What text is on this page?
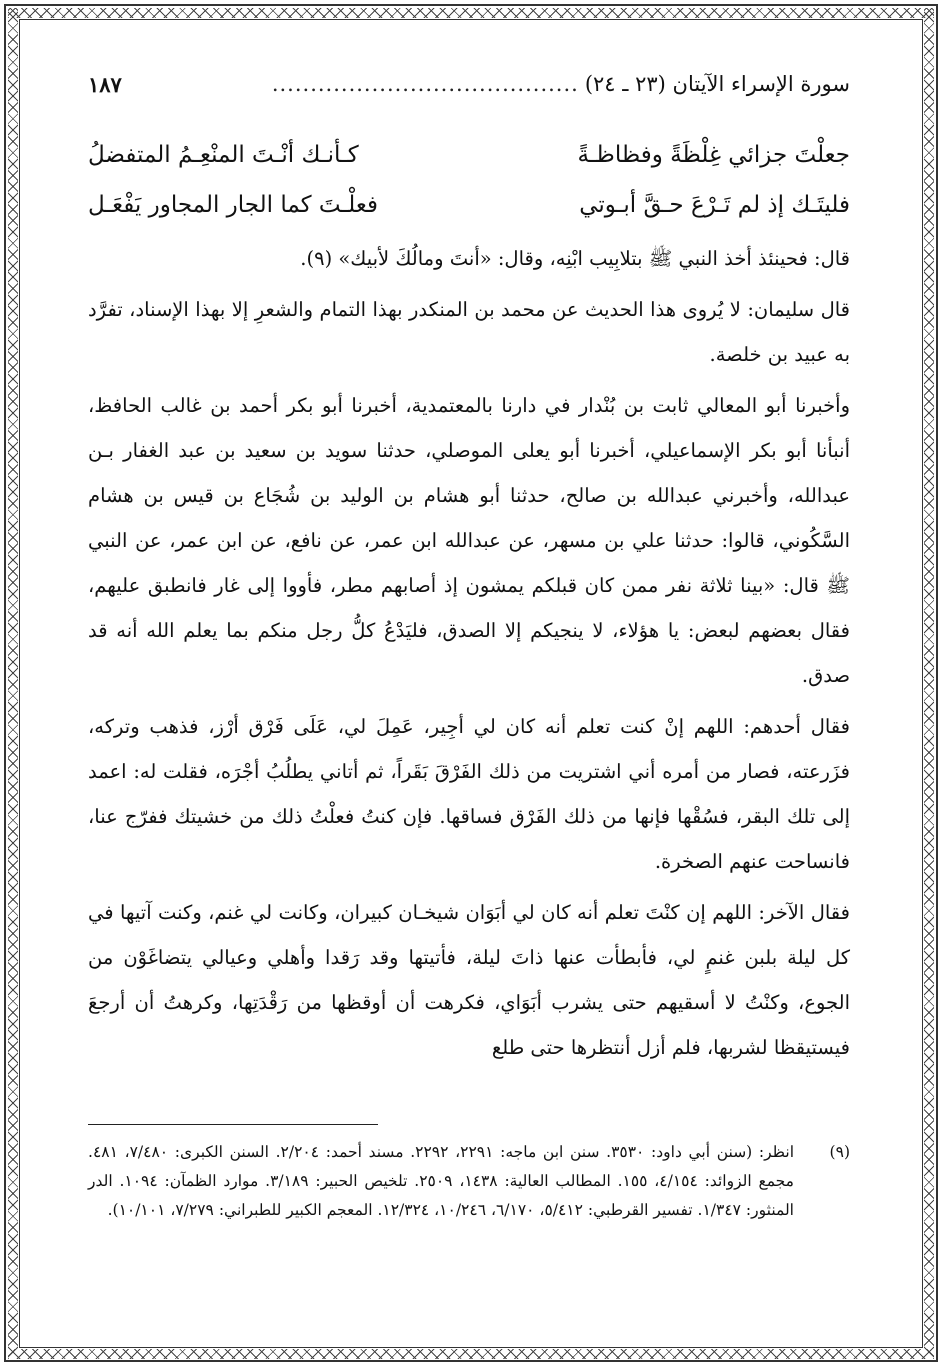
سورة الإسراء الآيتان (٢٣ ـ ٢٤)
........................................
١٨٧
جعلْتَ جزائي غِلْظَةً وفظاظـةً
كـأنـك أنْـتَ المنْعِـمُ المتفضلُ
فليتَـك إذ لم تَـرْعَ حـقَّ أبـوتي
فعلْـتَ كما الجار المجاور يَفْعَـل

قال: فحينئذ أخذ النبي ﷺ بتلابِيب ابْنِه، وقال: «أنتَ ومالُكَ لأبيك» (٩).

قال سليمان: لا يُروى هذا الحديث عن محمد بن المنكدر بهذا التمام والشعرِ إلا بهذا الإسناد، تفرَّد به عبيد بن خلصة.

وأخبرنا أبو المعالي ثابت بن بُنْدار في دارنا بالمعتمدية، أخبرنا أبو بكر أحمد بن غالب الحافظ، أنبأنا أبو بكر الإسماعيلي، أخبرنا أبو يعلى الموصلي، حدثنا سويد بن سعيد بن عبد الغفار بـن عبدالله، وأخبرني عبدالله بن صالح، حدثنا أبو هشام بن الوليد بن شُجَاع بن قيس بن هشام السَّكُوني، قالوا: حدثنا علي بن مسهر، عن عبدالله ابن عمر، عن نافع، عن ابن عمر، عن النبي ﷺ قال: «بينا ثلاثة نفر ممن كان قبلكم يمشون إذ أصابهم مطر، فأووا إلى غار فانطبق عليهم، فقال بعضهم لبعض: يا هؤلاء، لا ينجيكم إلا الصدق، فليَدْعُ كلُّ رجل منكم بما يعلم الله أنه قد صدق.

فقال أحدهم: اللهم إنْ كنت تعلم أنه كان لي أجِير، عَمِلَ لي، عَلَى فَرْق أرْز، فذهب وتركه، فزَرعته، فصار من أمره أني اشتريت من ذلك الفَرْقَ بَقَراً، ثم أتاني يطلُبُ أجْرَه، فقلت له: اعمد إلى تلك البقر، فسُقْها فإنها من ذلك الفَرْق فساقها. فإن كنتُ فعلْتُ ذلك من خشيتك ففرّج عنا، فانساحت عنهم الصخرة.

فقال الآخر: اللهم إن كنْتَ تعلم أنه كان لي أبَوَان شيخـان كبيران، وكانت لي غنم، وكنت آتيها في كل ليلة بلبن غنمٍ لي، فأبطأت عنها ذاتَ ليلة، فأتيتها وقد رَقدا وأهلي وعيالي يتضاغَوْن من الجوع، وكنْتُ لا أسقيهم حتى يشرب أبَوَاي، فكرهت أن أوقظها من رَقْدَتِها، وكرهتُ أن أرجعَ فيستيقظا لشربها، فلم أزل أنتظرها حتى طلع

(٩)
انظر: (سنن أبي داود: ٣٥٣٠. سنن ابن ماجه: ٢٢٩١، ٢٢٩٢. مسند أحمد: ٢/٢٠٤. السنن الكبرى: ٧/٤٨٠، ٤٨١. مجمع الزوائد: ٤/١٥٤، ١٥٥. المطالب العالية: ١٤٣٨، ٢٥٠٩. تلخيص الحبير: ٣/١٨٩. موارد الظمآن: ١٠٩٤. الدر المنثور: ١/٣٤٧. تفسير القرطبي: ٥/٤١٢، ٦/١٧٠، ١٠/٢٤٦، ١٢/٣٢٤. المعجم الكبير للطبراني: ٧/٢٧٩، ١٠/١٠١).
